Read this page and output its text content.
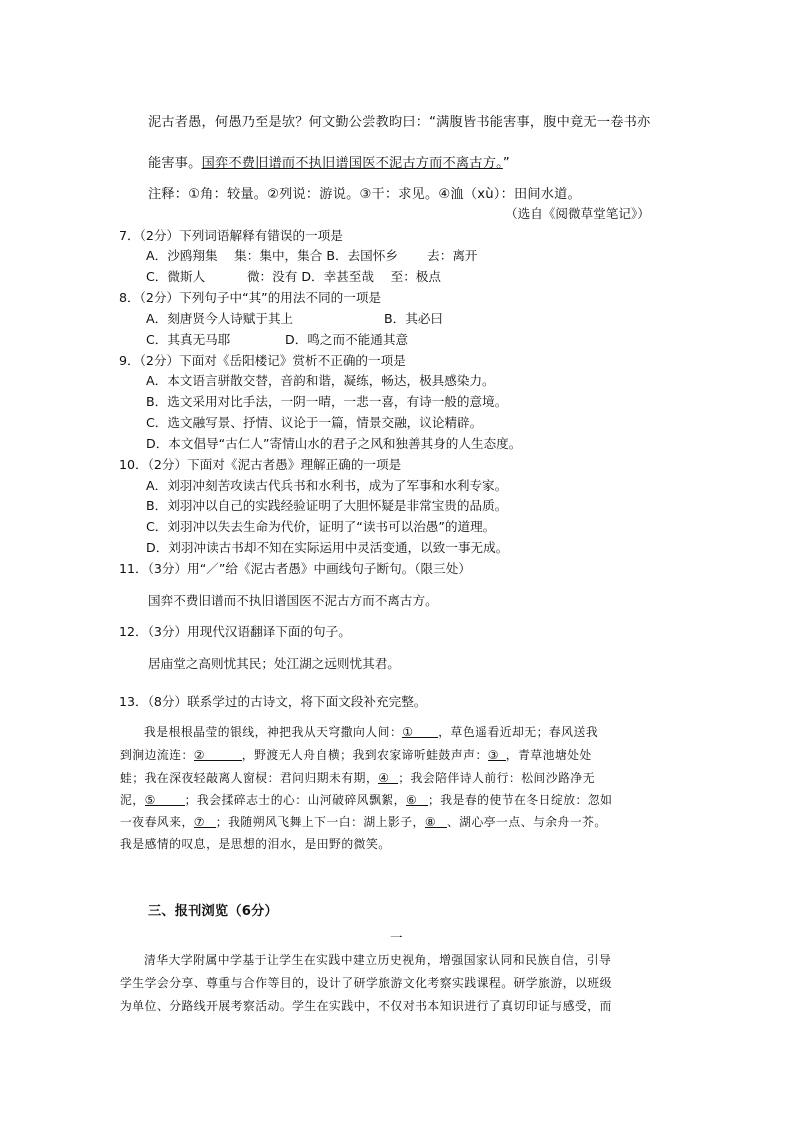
泥古者愚，何愚乃至是欤？何文勤公尝教昀曰：“满腹皆书能害事，腹中竟无一卷书亦
能害事。国弈不费旧谱而不执旧谱国医不泥古方而不离古方。”
注释：①角：较量。②列说：游说。③干：求见。④洫（xù）：田间水道。
（选自《阅微草堂笔记》）
7．（2分）下列词语解释有错误的一项是
A．沙鸥翔集　 集：集中，集合 B．去国怀乡　 　去：离开
C．微斯人　　　 微：没有 D．幸甚至哉　 至：极点
8．（2分）下列句子中“其”的用法不同的一项是
A．刻唐贤今人诗赋于其上	B．其必曰
C．其真无马耶	D．鸣之而不能通其意
9．（2分）下面对《岳阳楼记》赏析不正确的一项是
A．本文语言骈散交替，音韵和谐，凝练，畅达，极具感染力。
B．选文采用对比手法，一阴一晴，一悲一喜，有诗一般的意境。
C．选文融写景、抒情、议论于一篇，情景交融，议论精辟。
D．本文倡导“古仁人”寄情山水的君子之风和独善其身的人生态度。
10．（2分）下面对《泥古者愚》理解正确的一项是
A．刘羽冲刻苦攻读古代兵书和水利书，成为了军事和水利专家。
B．刘羽冲以自己的实践经验证明了大胆怀疑是非常宝贵的品质。
C．刘羽冲以失去生命为代价，证明了“读书可以治愚”的道理。
D．刘羽冲读古书却不知在实际运用中灵活变通，以致一事无成。
11．（3分）用“／”给《泥古者愚》中画线句子断句。（限三处）
国弈不费旧谱而不执旧谱国医不泥古方而不离古方。
12．（3分）用现代汉语翻译下面的句子。
居庙堂之高则忧其民；处江湖之远则忧其君。
13．（8分）联系学过的古诗文，将下面文段补充完整。
我是根根晶莹的银线，神把我从天穹撒向人间：① ，草色遥看近却无；春风送我
到涧边流连：②	，野渡无人舟自横；我到农家谛听蛙鼓声声：③ ，青草池塘处处
蛙；我在深夜轻敲离人窗棂：君问归期未有期，④ ；我会陪伴诗人前行：松间沙路净无
泥，⑤ ；我会揉碎志士的心：山河破碎风飘絮，⑥ ；我是春的使节在冬日绽放：忽如
一夜春风来，⑦ ；我随朔风飞舞上下一白：湖上影子，⑧ 、湖心亭一点、与余舟一芥。
我是感情的叹息，是思想的泪水，是田野的微笑。
三、报刊浏览（6分）
一
清华大学附属中学基于让学生在实践中建立历史视角，增强国家认同和民族自信，引导
学生学会分享、尊重与合作等目的，设计了研学旅游文化考察实践课程。研学旅游，以班级
为单位、分路线开展考察活动。学生在实践中，不仅对书本知识进行了真切印证与感受，而
